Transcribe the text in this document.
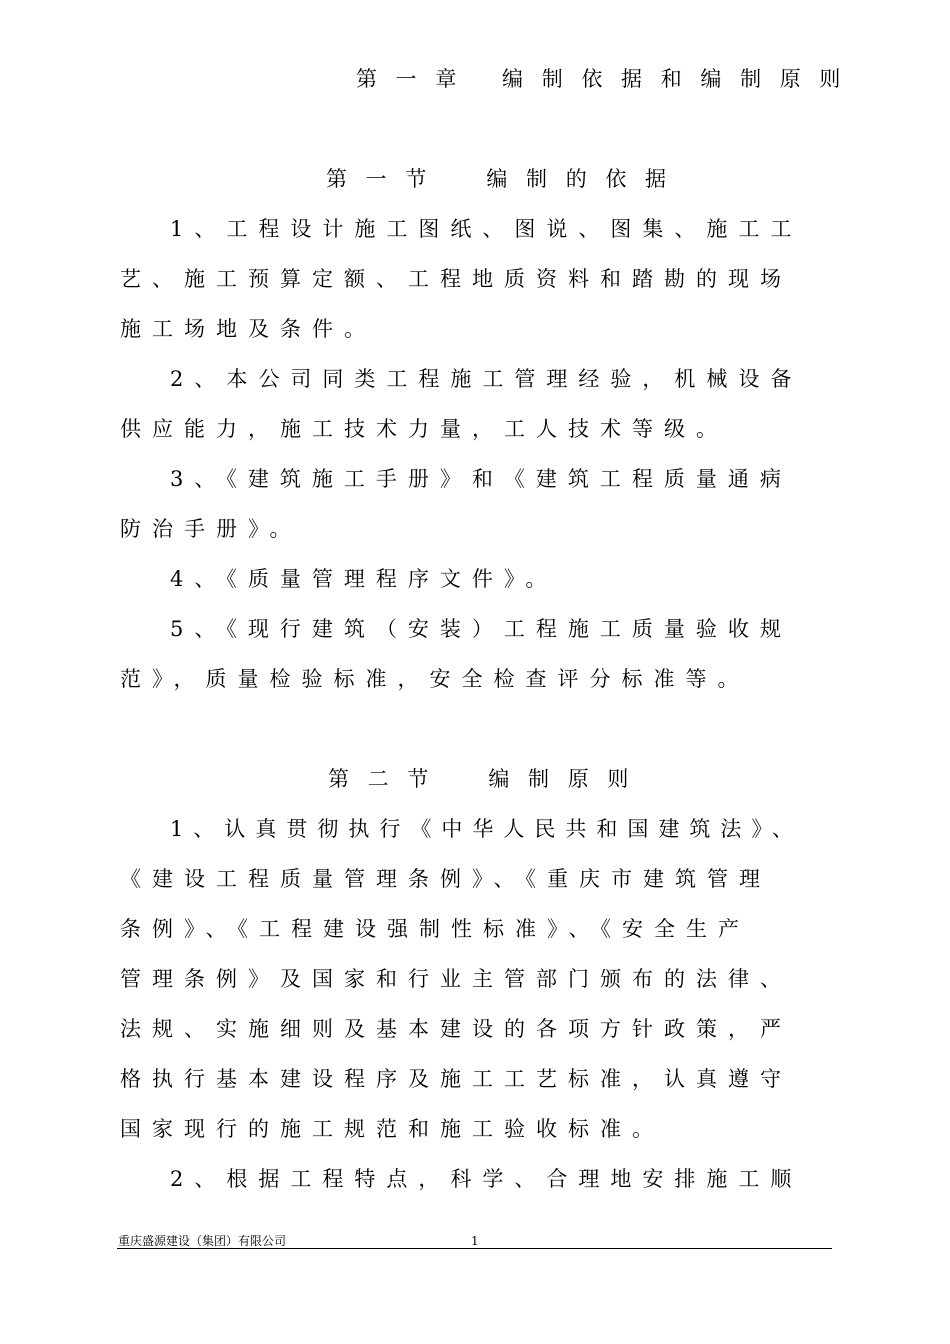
第 一 章　 编 制 依 据 和 编 制 原 则
第 一 节　　编 制 的 依 据
1、工程设计施工图纸、图说、图集、施工工
艺、施工预算定额、工程地质资料和踏勘的现场
施工场地及条件。
2、本公司同类工程施工管理经验，机械设备
供应能力，施工技术力量，工人技术等级。
3、《建筑施工手册》和《建筑工程质量通病
防治手册》。
4、《质量管理程序文件》。
5、《现行建筑（安装）工程施工质量验收规
范》，质量检验标准，安全检查评分标准等。
第 二 节　　编 制 原 则
1、认真贯彻执行《中华人民共和国建筑法》、
《建设工程质量管理条例》、《重庆市建筑管理
条例》、《工程建设强制性标准》、《安全生产
管理条例》及国家和行业主管部门颁布的法律、
法规、实施细则及基本建设的各项方针政策，严
格执行基本建设程序及施工工艺标准，认真遵守
国家现行的施工规范和施工验收标准。
2、根据工程特点，科学、合理地安排施工顺
重庆盛源建设（集团）有限公司	1
